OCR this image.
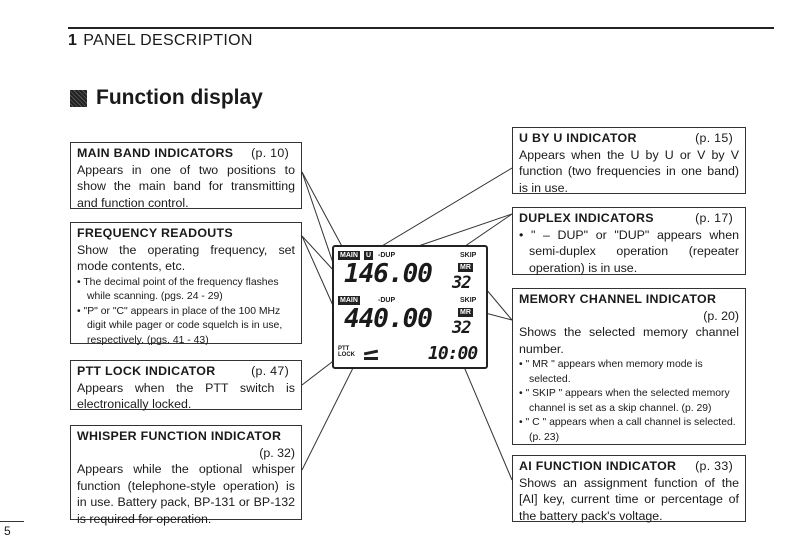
1 PANEL DESCRIPTION
Function display
MAIN U -DUP	SKIP
146.00	MR
32
MAIN	-DUP	SKIP
440.00	MR
32
PTT
LOCK	10:00
MAIN BAND INDICATORS (p. 10)
Appears in one of two positions to show the main band for transmitting and function control.
FREQUENCY READOUTS
Show the operating frequency, set mode contents, etc.
• The decimal point of the frequency flashes while scanning. (pgs. 24 - 29)
• "P" or "C" appears in place of the 100 MHz digit while pager or code squelch is in use, respectively. (pgs. 41 - 43)
PTT LOCK INDICATOR	(p. 47)
Appears when the PTT switch is electronically locked.
WHISPER FUNCTION INDICATOR
(p. 32)
Appears while the optional whisper function (telephone-style operation) is in use. Battery pack, BP-131 or BP-132 is required for operation.
U BY U INDICATOR	(p. 15)
Appears when the U by U or V by V function (two frequencies in one band) is in use.
DUPLEX INDICATORS	(p. 17)
• " – DUP" or "DUP" appears when semi-duplex operation (repeater operation) is in use.
MEMORY CHANNEL INDICATOR
(p. 20)
Shows the selected memory channel number.
• " MR " appears when memory mode is selected.
• " SKIP " appears when the selected memory channel is set as a skip channel. (p. 29)
• " C " appears when a call channel is selected. (p. 23)
AI FUNCTION INDICATOR (p. 33)
Shows an assignment function of the [AI] key, current time or percentage of the battery pack's voltage.
5
